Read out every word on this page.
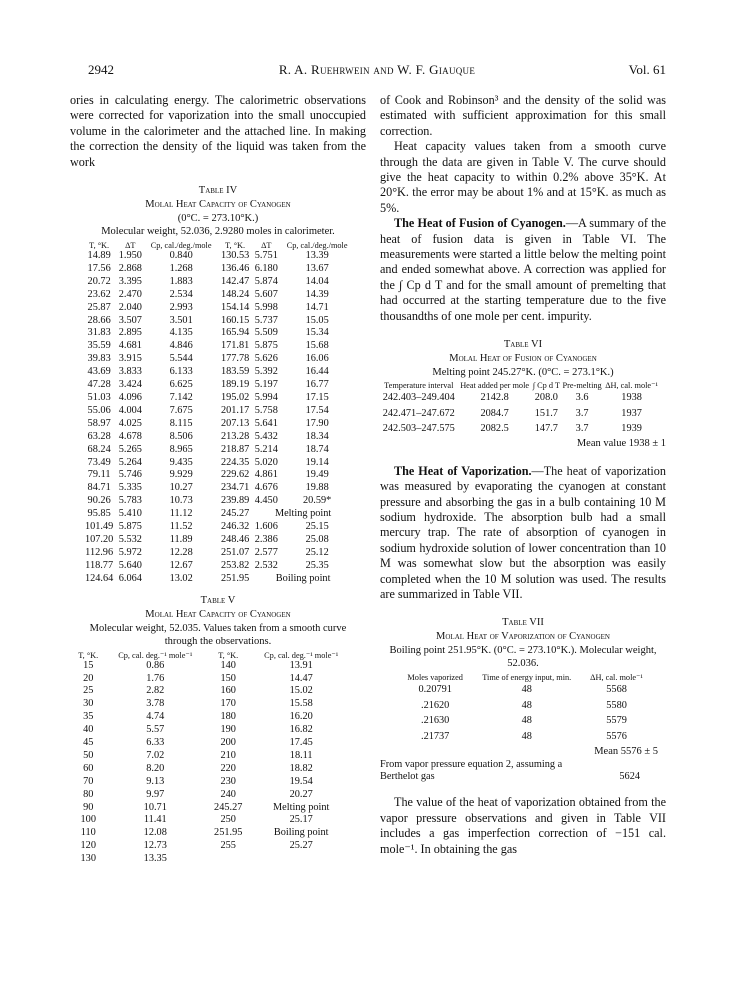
2942	R. A. Ruehrwein and W. F. Giauque	Vol. 61

ories in calculating energy. The calorimetric observations were corrected for vaporization into the small unoccupied volume in the calorimeter and the attached line. In making the correction the density of the liquid was taken from the work

Table IV
Molal Heat Capacity of Cyanogen
(0°C. = 273.10°K.)
Molecular weight, 52.036, 2.9280 moles in calorimeter.
T, °K.	ΔT	Cp, cal./deg./mole	T, °K.	ΔT	Cp, cal./deg./mole
14.89	1.950	0.840	130.53	5.751	13.39
17.56	2.868	1.268	136.46	6.180	13.67
20.72	3.395	1.883	142.47	5.874	14.04
23.62	2.470	2.534	148.24	5.607	14.39
25.87	2.040	2.993	154.14	5.998	14.71
28.66	3.507	3.501	160.15	5.737	15.05
31.83	2.895	4.135	165.94	5.509	15.34
35.59	4.681	4.846	171.81	5.875	15.68
39.83	3.915	5.544	177.78	5.626	16.06
43.69	3.833	6.133	183.59	5.392	16.44
47.28	3.424	6.625	189.19	5.197	16.77
51.03	4.096	7.142	195.02	5.994	17.15
55.06	4.004	7.675	201.17	5.758	17.54
58.97	4.025	8.115	207.13	5.641	17.90
63.28	4.678	8.506	213.28	5.432	18.34
68.24	5.265	8.965	218.87	5.214	18.74
73.49	5.264	9.435	224.35	5.020	19.14
79.11	5.746	9.929	229.62	4.861	19.49
84.71	5.335	10.27	234.71	4.676	19.88
90.26	5.783	10.73	239.89	4.450	20.59*
95.85	5.410	11.12	245.27	Melting point	
101.49	5.875	11.52	246.32	1.606	25.15
107.20	5.532	11.89	248.46	2.386	25.08
112.96	5.972	12.28	251.07	2.577	25.12
118.77	5.640	12.67	253.82	2.532	25.35
124.64	6.064	13.02	251.95	Boiling point	
Table V
Molal Heat Capacity of Cyanogen
Molecular weight, 52.035. Values taken from a smooth curve through the observations.
T, °K.	Cp, cal. deg.⁻¹ mole⁻¹	T, °K.	Cp, cal. deg.⁻¹ mole⁻¹
15	0.86	140	13.91
20	1.76	150	14.47
25	2.82	160	15.02
30	3.78	170	15.58
35	4.74	180	16.20
40	5.57	190	16.82
45	6.33	200	17.45
50	7.02	210	18.11
60	8.20	220	18.82
70	9.13	230	19.54
80	9.97	240	20.27
90	10.71	245.27	Melting point
100	11.41	250	25.17
110	12.08	251.95	Boiling point
120	12.73	255	25.27
130	13.35		

of Cook and Robinson³ and the density of the solid was estimated with sufficient approximation for this small correction.

Heat capacity values taken from a smooth curve through the data are given in Table V. The curve should give the heat capacity to within 0.2% above 35°K. At 20°K. the error may be about 1% and at 15°K. as much as 5%.

The Heat of Fusion of Cyanogen.—A summary of the heat of fusion data is given in Table VI. The measurements were started a little below the melting point and ended somewhat above. A correction was applied for the ∫ Cp d T and for the small amount of premelting that had occurred at the starting temperature due to the five thousandths of one mole per cent. impurity.

Table VI
Molal Heat of Fusion of Cyanogen
Melting point 245.27°K. (0°C. = 273.1°K.)
Temperature interval	Heat added per mole	∫ Cp d T	Pre-melting	ΔH, cal. mole⁻¹
242.403–249.404	2142.8	208.0	3.6	1938
242.471–247.672	2084.7	151.7	3.7	1937
242.503–247.575	2082.5	147.7	3.7	1939
Mean value 1938 ± 1

The Heat of Vaporization.—The heat of vaporization was measured by evaporating the cyanogen at constant pressure and absorbing the gas in a bulb containing 10 M sodium hydroxide. The absorption bulb had a small mercury trap. The rate of absorption of cyanogen in sodium hydroxide solution of lower concentration than 10 M was somewhat slow but the absorption was easily completed when the 10 M solution was used. The results are summarized in Table VII.

Table VII
Molal Heat of Vaporization of Cyanogen
Boiling point 251.95°K. (0°C. = 273.10°K.). Molecular weight, 52.036.
Moles vaporized	Time of energy input, min.	ΔH, cal. mole⁻¹
0.20791	48	5568
.21620	48	5580
.21630	48	5579
.21737	48	5576
Mean 5576 ± 5
From vapor pressure equation 2, assuming a Berthelot gas	5624

The value of the heat of vaporization obtained from the vapor pressure observations and given in Table VII includes a gas imperfection correction of −151 cal. mole⁻¹. In obtaining the gas
